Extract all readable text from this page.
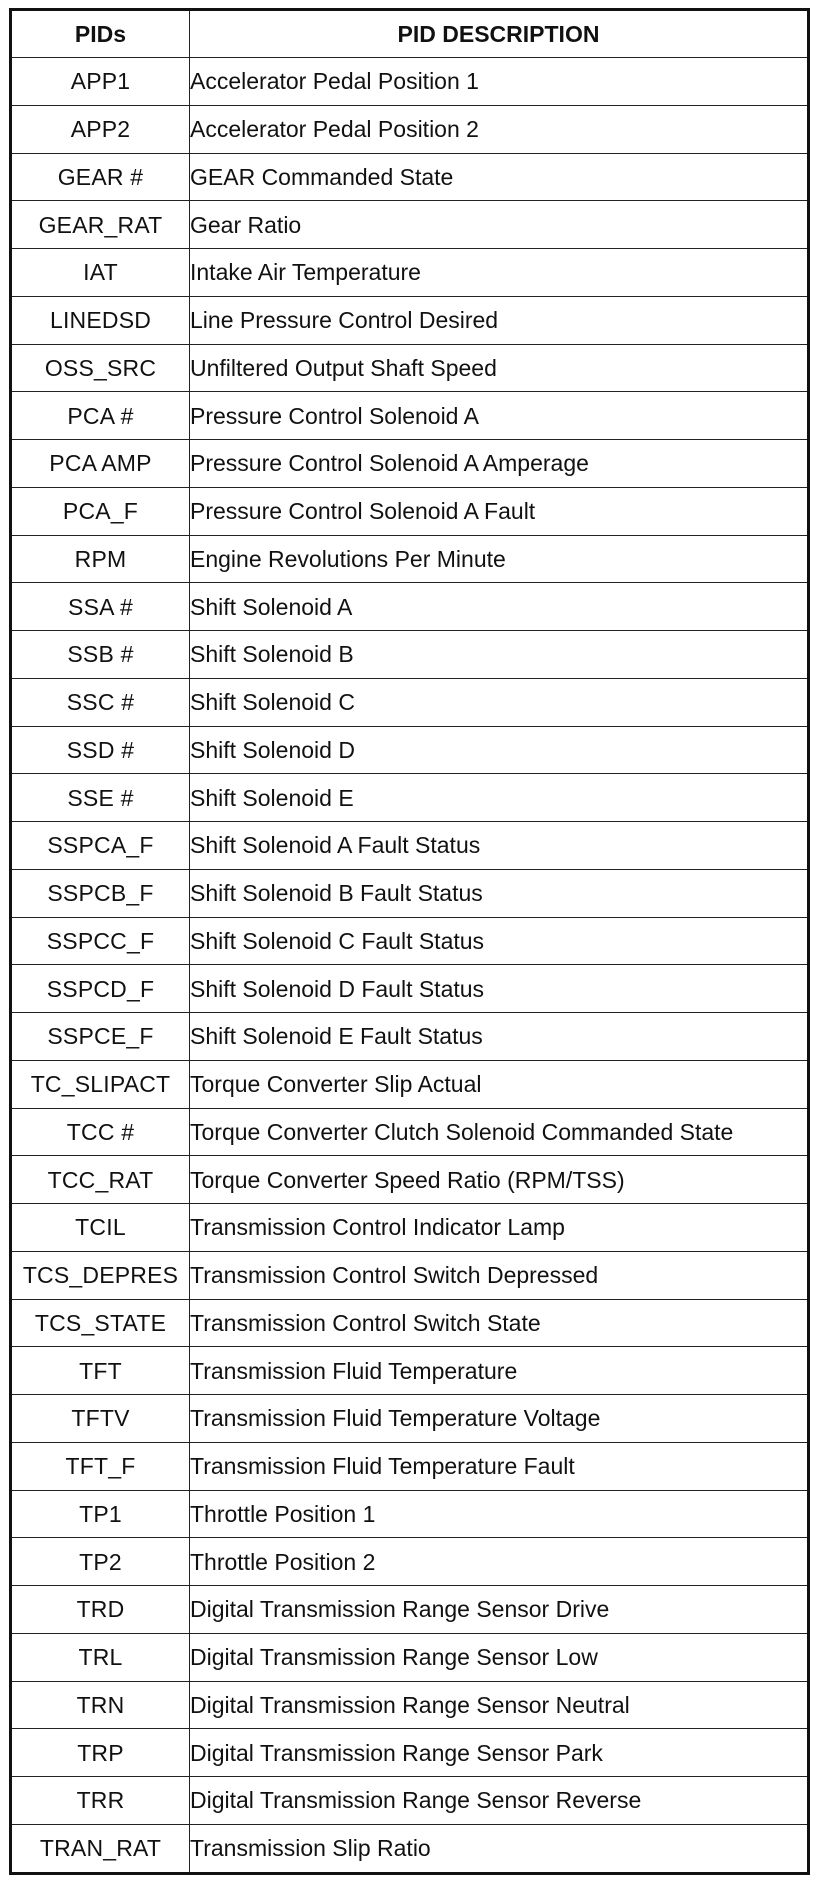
PIDs	PID DESCRIPTION
APP1	Accelerator Pedal Position 1
APP2	Accelerator Pedal Position 2
GEAR #	GEAR Commanded State
GEAR_RAT	Gear Ratio
IAT	Intake Air Temperature
LINEDSD	Line Pressure Control Desired
OSS_SRC	Unfiltered Output Shaft Speed
PCA #	Pressure Control Solenoid A
PCA AMP	Pressure Control Solenoid A Amperage
PCA_F	Pressure Control Solenoid A Fault
RPM	Engine Revolutions Per Minute
SSA #	Shift Solenoid A
SSB #	Shift Solenoid B
SSC #	Shift Solenoid C
SSD #	Shift Solenoid D
SSE #	Shift Solenoid E
SSPCA_F	Shift Solenoid A Fault Status
SSPCB_F	Shift Solenoid B Fault Status
SSPCC_F	Shift Solenoid C Fault Status
SSPCD_F	Shift Solenoid D Fault Status
SSPCE_F	Shift Solenoid E Fault Status
TC_SLIPACT	Torque Converter Slip Actual
TCC #	Torque Converter Clutch Solenoid Commanded State
TCC_RAT	Torque Converter Speed Ratio (RPM/TSS)
TCIL	Transmission Control Indicator Lamp
TCS_DEPRES	Transmission Control Switch Depressed
TCS_STATE	Transmission Control Switch State
TFT	Transmission Fluid Temperature
TFTV	Transmission Fluid Temperature Voltage
TFT_F	Transmission Fluid Temperature Fault
TP1	Throttle Position 1
TP2	Throttle Position 2
TRD	Digital Transmission Range Sensor Drive
TRL	Digital Transmission Range Sensor Low
TRN	Digital Transmission Range Sensor Neutral
TRP	Digital Transmission Range Sensor Park
TRR	Digital Transmission Range Sensor Reverse
TRAN_RAT	Transmission Slip Ratio
